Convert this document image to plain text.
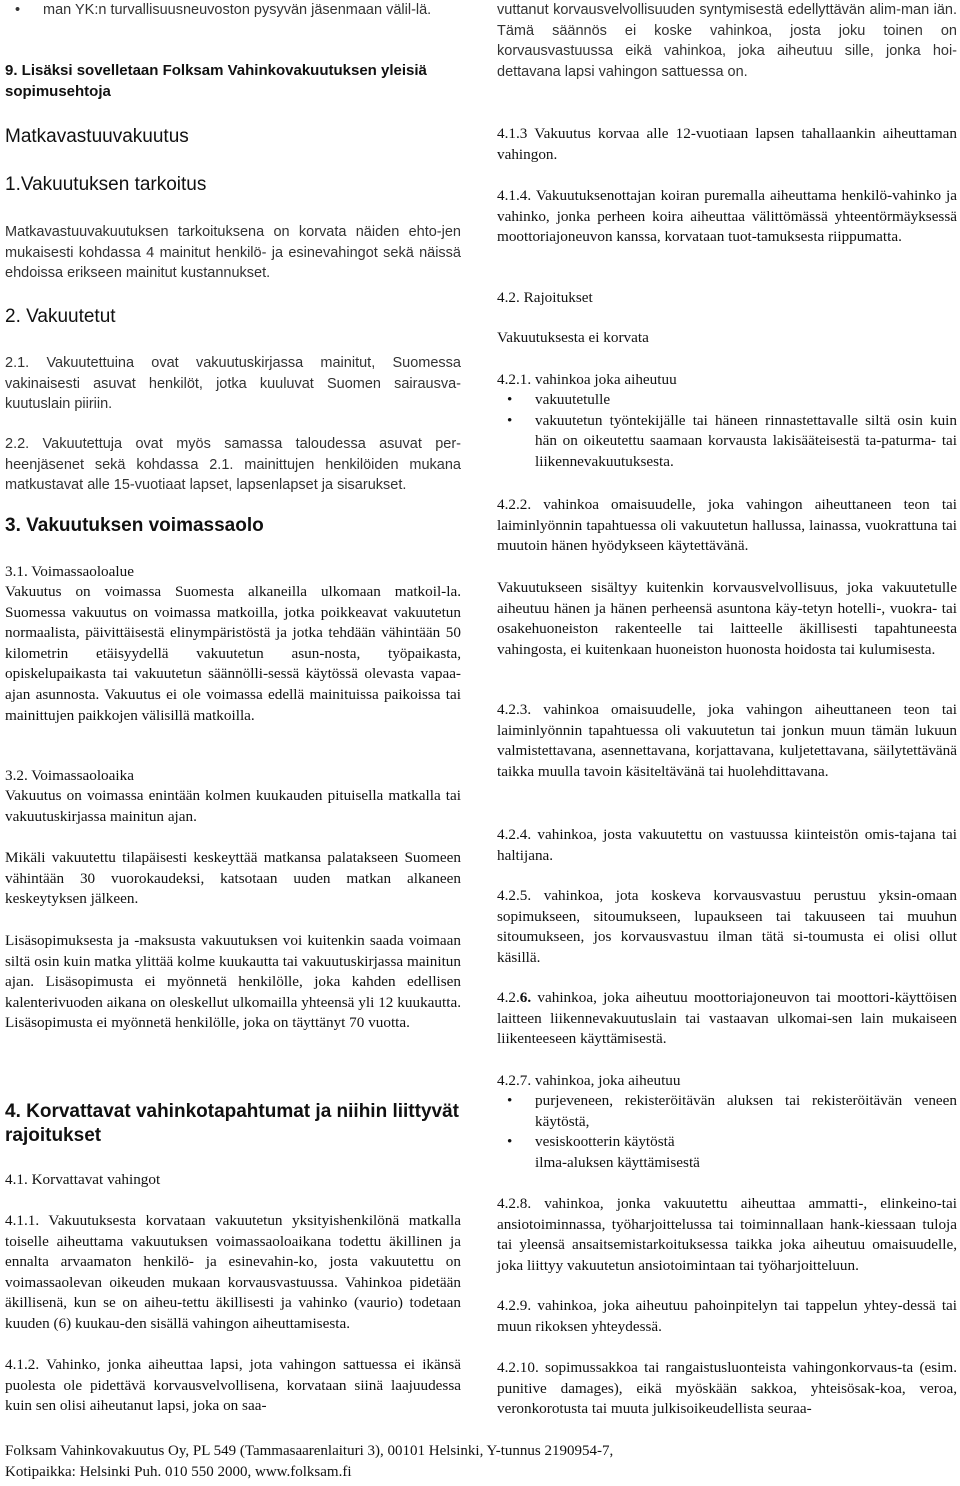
• man YK:n turvallisuusneuvoston pysyvän jäsenmaan välil-lä.

9. Lisäksi sovelletaan Folksam Vahinkovakuutuksen yleisiä sopimusehtoja

Matkavastuuvakuutus

1.Vakuutuksen tarkoitus

Matkavastuuvakuutuksen tarkoituksena on korvata näiden ehto-jen mukaisesti kohdassa 4 mainitut henkilö- ja esinevahingot sekä näissä ehdoissa erikseen mainitut kustannukset.

2. Vakuutetut

2.1. Vakuutettuina ovat vakuutuskirjassa mainitut, Suomessa vakinaisesti asuvat henkilöt, jotka kuuluvat Suomen sairausva-kuutuslain piiriin.

2.2. Vakuutettuja ovat myös samassa taloudessa asuvat per-heenjäsenet sekä kohdassa 2.1. mainittujen henkilöiden mukana matkustavat alle 15-vuotiaat lapset, lapsenlapset ja sisarukset.

3. Vakuutuksen voimassaolo

3.1. Voimassaoloalue

Vakuutus on voimassa Suomesta alkaneilla ulkomaan matkoil-la. Suomessa vakuutus on voimassa matkoilla, jotka poikkeavat vakuutetun normaalista, päivittäisestä elinympäristöstä ja jotka tehdään vähintään 50 kilometrin etäisyydellä vakuutetun asun-nosta, työpaikasta, opiskelupaikasta tai vakuutetun säännölli-sessä käytössä olevasta vapaa-ajan asunnosta. Vakuutus ei ole voimassa edellä mainituissa paikoissa tai mainittujen paikkojen välisillä matkoilla.

3.2. Voimassaoloaika

Vakuutus on voimassa enintään kolmen kuukauden pituisella matkalla tai vakuutuskirjassa mainitun ajan.

Mikäli vakuutettu tilapäisesti keskeyttää matkansa palatakseen Suomeen vähintään 30 vuorokaudeksi, katsotaan uuden matkan alkaneen keskeytyksen jälkeen.

Lisäsopimuksesta ja -maksusta vakuutuksen voi kuitenkin saada voimaan siltä osin kuin matka ylittää kolme kuukautta tai vakuutuskirjassa mainitun ajan. Lisäsopimusta ei myönnetä henkilölle, joka kahden edellisen kalenterivuoden aikana on oleskellut ulkomailla yhteensä yli 12 kuukautta. Lisäsopimusta ei myönnetä henkilölle, joka on täyttänyt 70 vuotta.

4. Korvattavat vahinkotapahtumat ja niihin liittyvät rajoitukset

4.1. Korvattavat vahingot

4.1.1. Vakuutuksesta korvataan vakuutetun yksityishenkilönä matkalla toiselle aiheuttama vakuutuksen voimassaoloaikana todettu äkillinen ja ennalta arvaamaton henkilö- ja esinevahin-ko, josta vakuutettu on voimassaolevan oikeuden mukaan korvausvastuussa. Vahinkoa pidetään äkillisenä, kun se on aiheu-tettu äkillisesti ja vahinko (vaurio) todetaan kuuden (6) kuukau-den sisällä vahingon aiheuttamisesta.

4.1.2. Vahinko, jonka aiheuttaa lapsi, jota vahingon sattuessa ei ikänsä puolesta ole pidettävä korvausvelvollisena, korvataan siinä laajuudessa kuin sen olisi aiheutanut lapsi, joka on saa-

vuttanut korvausvelvollisuuden syntymisestä edellyttävän alim-man iän. Tämä säännös ei koske vahinkoa, josta joku toinen on korvausvastuussa eikä vahinkoa, joka aiheutuu sille, jonka hoi-dettavana lapsi vahingon sattuessa on.

4.1.3 Vakuutus korvaa alle 12-vuotiaan lapsen tahallaankin aiheuttaman vahingon.

4.1.4. Vakuutuksenottajan koiran puremalla aiheuttama henkilö-vahinko ja vahinko, jonka perheen koira aiheuttaa välittömässä yhteentörmäyksessä moottoriajoneuvon kanssa, korvataan tuot-tamuksesta riippumatta.

4.2. Rajoitukset

Vakuutuksesta ei korvata

4.2.1. vahinkoa joka aiheutuu

• vakuutetulle
• vakuutetun työntekijälle tai häneen rinnastettavalle siltä osin kuin hän on oikeutettu saamaan korvausta lakisääteisestä ta-paturma- tai liikennevakuutuksesta.

4.2.2. vahinkoa omaisuudelle, joka vahingon aiheuttaneen teon tai laiminlyönnin tapahtuessa oli vakuutetun hallussa, lainassa, vuokrattuna tai muutoin hänen hyödykseen käytettävänä.

Vakuutukseen sisältyy kuitenkin korvausvelvollisuus, joka vakuutetulle aiheutuu hänen ja hänen perheensä asuntona käy-tetyn hotelli-, vuokra- tai osakehuoneiston rakenteelle tai laitteelle äkillisesti tapahtuneesta vahingosta, ei kuitenkaan huoneiston huonosta hoidosta tai kulumisesta.

4.2.3. vahinkoa omaisuudelle, joka vahingon aiheuttaneen teon tai laiminlyönnin tapahtuessa oli vakuutetun tai jonkun muun tämän lukuun valmistettavana, asennettavana, korjattavana, kuljetettavana, säilytettävänä taikka muulla tavoin käsiteltävänä tai huolehdittavana.

4.2.4. vahinkoa, josta vakuutettu on vastuussa kiinteistön omis-tajana tai haltijana.

4.2.5. vahinkoa, jota koskeva korvausvastuu perustuu yksin-omaan sopimukseen, sitoumukseen, lupaukseen tai takuuseen tai muuhun sitoumukseen, jos korvausvastuu ilman tätä si-toumusta ei olisi ollut käsillä.

4.2.6. vahinkoa, joka aiheutuu moottoriajoneuvon tai moottori-käyttöisen laitteen liikennevakuutuslain tai vastaavan ulkomai-sen lain mukaiseen liikenteeseen käyttämisestä.

4.2.7. vahinkoa, joka aiheutuu

• purjeveneen, rekisteröitävän aluksen tai rekisteröitävän veneen käytöstä,
• vesiskootterin käytöstä

ilma-aluksen käyttämisestä

4.2.8. vahinkoa, jonka vakuutettu aiheuttaa ammatti-, elinkeino-tai ansiotoiminnassa, työharjoittelussa tai toiminnallaan hank-kiessaan tuloja tai yleensä ansaitsemistarkoituksessa taikka joka aiheutuu omaisuudelle, joka liittyy vakuutetun ansiotoimintaan tai työharjoitteluun.

4.2.9. vahinkoa, joka aiheutuu pahoinpitelyn tai tappelun yhtey-dessä tai muun rikoksen yhteydessä.

4.2.10. sopimussakkoa tai rangaistusluonteista vahingonkorvaus-ta (esim. punitive damages), eikä myöskään sakkoa, yhteisösak-koa, veroa, veronkorotusta tai muuta julkisoikeudellista seuraa-

Folksam Vahinkovakuutus Oy, PL 549 (Tammasaarenlaituri 3), 00101 Helsinki, Y-tunnus 2190954-7,
Kotipaikka: Helsinki Puh. 010 550 2000, www.folksam.fi
